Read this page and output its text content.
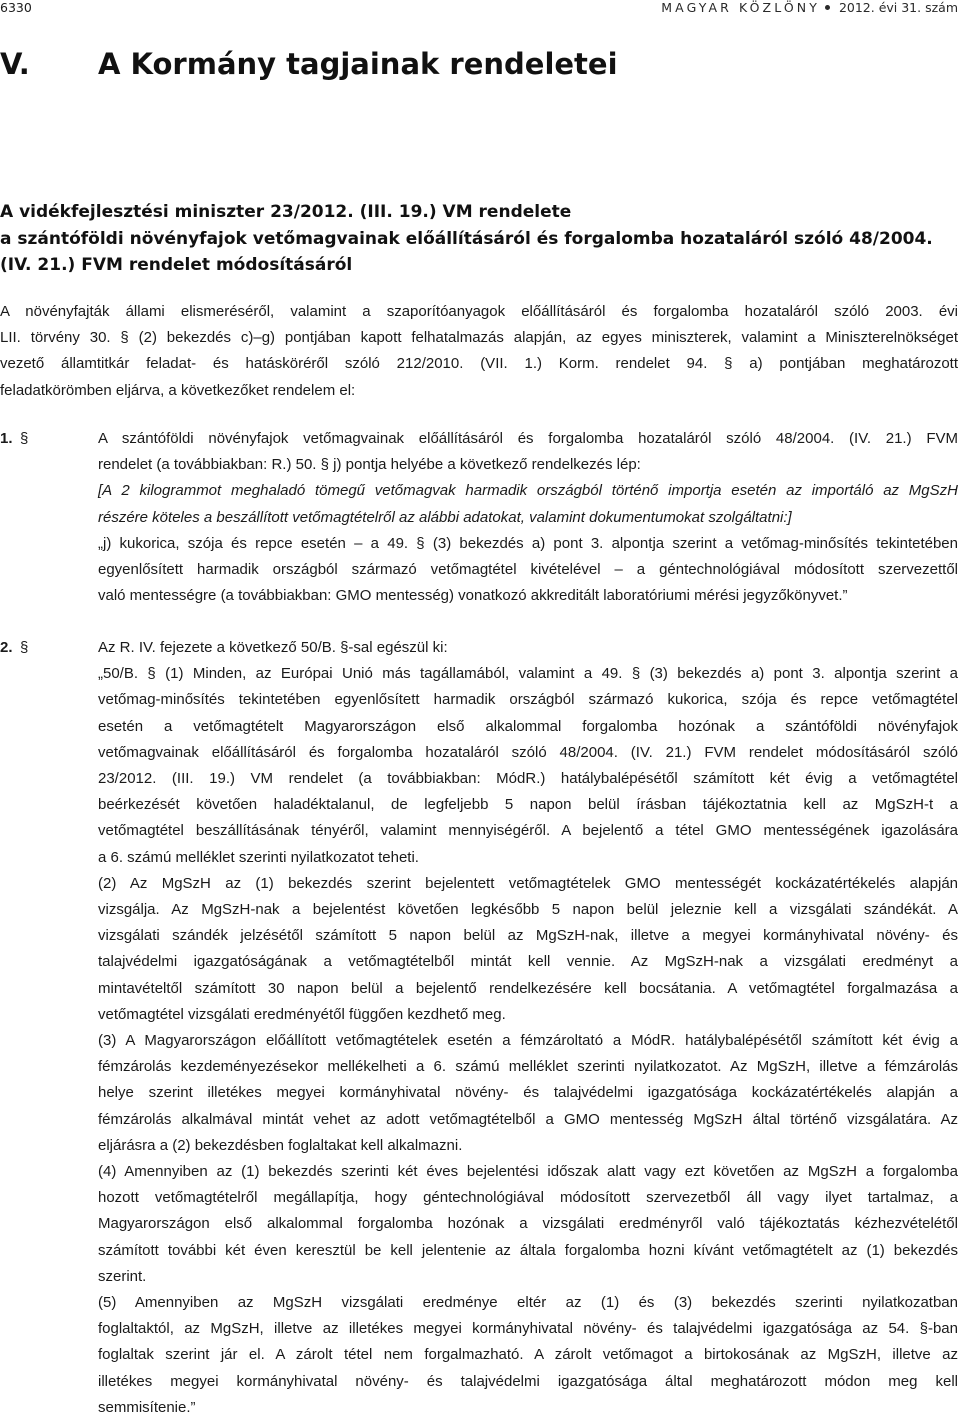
6330	MAGYAR KÖZLÖNY 2012. évi 31. szám
V. A Kormány tagjainak rendeletei
A vidékfejlesztési miniszter 23/2012. (III. 19.) VM rendelete
a szántóföldi növényfajok vetőmagvainak előállításáról és forgalomba hozataláról szóló 48/2004.
(IV. 21.) FVM rendelet módosításáról
A növényfajták állami elismeréséről, valamint a szaporítóanyagok előállításáról és forgalomba hozataláról szóló 2003. évi
LII. törvény 30. § (2) bekezdés c)–g) pontjában kapott felhatalmazás alapján, az egyes miniszterek, valamint a Miniszterelnökséget
vezető államtitkár feladat- és hatásköréről szóló 212/2010. (VII. 1.) Korm. rendelet 94. § a) pontjában meghatározott
feladatkörömben eljárva, a következőket rendelem el:
1. §	A szántóföldi növényfajok vetőmagvainak előállításáról és forgalomba hozataláról szóló 48/2004. (IV. 21.) FVM
rendelet (a továbbiakban: R.) 50. § j) pontja helyébe a következő rendelkezés lép:
[A 2 kilogrammot meghaladó tömegű vetőmagvak harmadik országból történő importja esetén az importáló az MgSzH
részére köteles a beszállított vetőmagtételről az alábbi adatokat, valamint dokumentumokat szolgáltatni:]
„j) kukorica, szója és repce esetén – a 49. § (3) bekezdés a) pont 3. alpontja szerint a vetőmag-minősítés tekintetében
egyenlősített harmadik országból származó vetőmagtétel kivételével – a géntechnológiával módosított szervezettől
való mentességre (a továbbiakban: GMO mentesség) vonatkozó akkreditált laboratóriumi mérési jegyzőkönyvet.”
2. §	Az R. IV. fejezete a következő 50/B. §-sal egészül ki:
„50/B. § (1) Minden, az Európai Unió más tagállamából, valamint a 49. § (3) bekezdés a) pont 3. alpontja szerint a
vetőmag-minősítés tekintetében egyenlősített harmadik országból származó kukorica, szója és repce vetőmagtétel
esetén a vetőmagtételt Magyarországon első alkalommal forgalomba hozónak a szántóföldi növényfajok
vetőmagvainak előállításáról és forgalomba hozataláról szóló 48/2004. (IV. 21.) FVM rendelet módosításáról szóló
23/2012. (III. 19.) VM rendelet (a továbbiakban: MódR.) hatálybalépésétől számított két évig a vetőmagtétel
beérkezését követően haladéktalanul, de legfeljebb 5 napon belül írásban tájékoztatnia kell az MgSzH-t a
vetőmagtétel beszállításának tényéről, valamint mennyiségéről. A bejelentő a tétel GMO mentességének igazolására
a 6. számú melléklet szerinti nyilatkozatot teheti.
(2) Az MgSzH az (1) bekezdés szerint bejelentett vetőmagtételek GMO mentességét kockázatértékelés alapján
vizsgálja. Az MgSzH-nak a bejelentést követően legkésőbb 5 napon belül jeleznie kell a vizsgálati szándékát. A
vizsgálati szándék jelzésétől számított 5 napon belül az MgSzH-nak, illetve a megyei kormányhivatal növény- és
talajvédelmi igazgatóságának a vetőmagtételből mintát kell vennie. Az MgSzH-nak a vizsgálati eredményt a
mintavételtől számított 30 napon belül a bejelentő rendelkezésére kell bocsátania. A vetőmagtétel forgalmazása a
vetőmagtétel vizsgálati eredményétől függően kezdhető meg.
(3) A Magyarországon előállított vetőmagtételek esetén a fémzároltató a MódR. hatálybalépésétől számított két évig a
fémzárolás kezdeményezésekor mellékelheti a 6. számú melléklet szerinti nyilatkozatot. Az MgSzH, illetve a fémzárolás
helye szerint illetékes megyei kormányhivatal növény- és talajvédelmi igazgatósága kockázatértékelés alapján a
fémzárolás alkalmával mintát vehet az adott vetőmagtételből a GMO mentesség MgSzH által történő vizsgálatára. Az
eljárásra a (2) bekezdésben foglaltakat kell alkalmazni.
(4) Amennyiben az (1) bekezdés szerinti két éves bejelentési időszak alatt vagy ezt követően az MgSzH a forgalomba
hozott vetőmagtételről megállapítja, hogy géntechnológiával módosított szervezetből áll vagy ilyet tartalmaz, a
Magyarországon első alkalommal forgalomba hozónak a vizsgálati eredményről való tájékoztatás kézhezvételétől
számított további két éven keresztül be kell jelentenie az általa forgalomba hozni kívánt vetőmagtételt az (1) bekezdés
szerint.
(5) Amennyiben az MgSzH vizsgálati eredménye eltér az (1) és (3) bekezdés szerinti nyilatkozatban
foglaltaktól, az MgSzH, illetve az illetékes megyei kormányhivatal növény- és talajvédelmi igazgatósága az 54. §-ban
foglaltak szerint jár el. A zárolt tétel nem forgalmazható. A zárolt vetőmagot a birtokosának az MgSzH, illetve az
illetékes megyei kormányhivatal növény- és talajvédelmi igazgatósága által meghatározott módon meg kell
semmisítenie.”
